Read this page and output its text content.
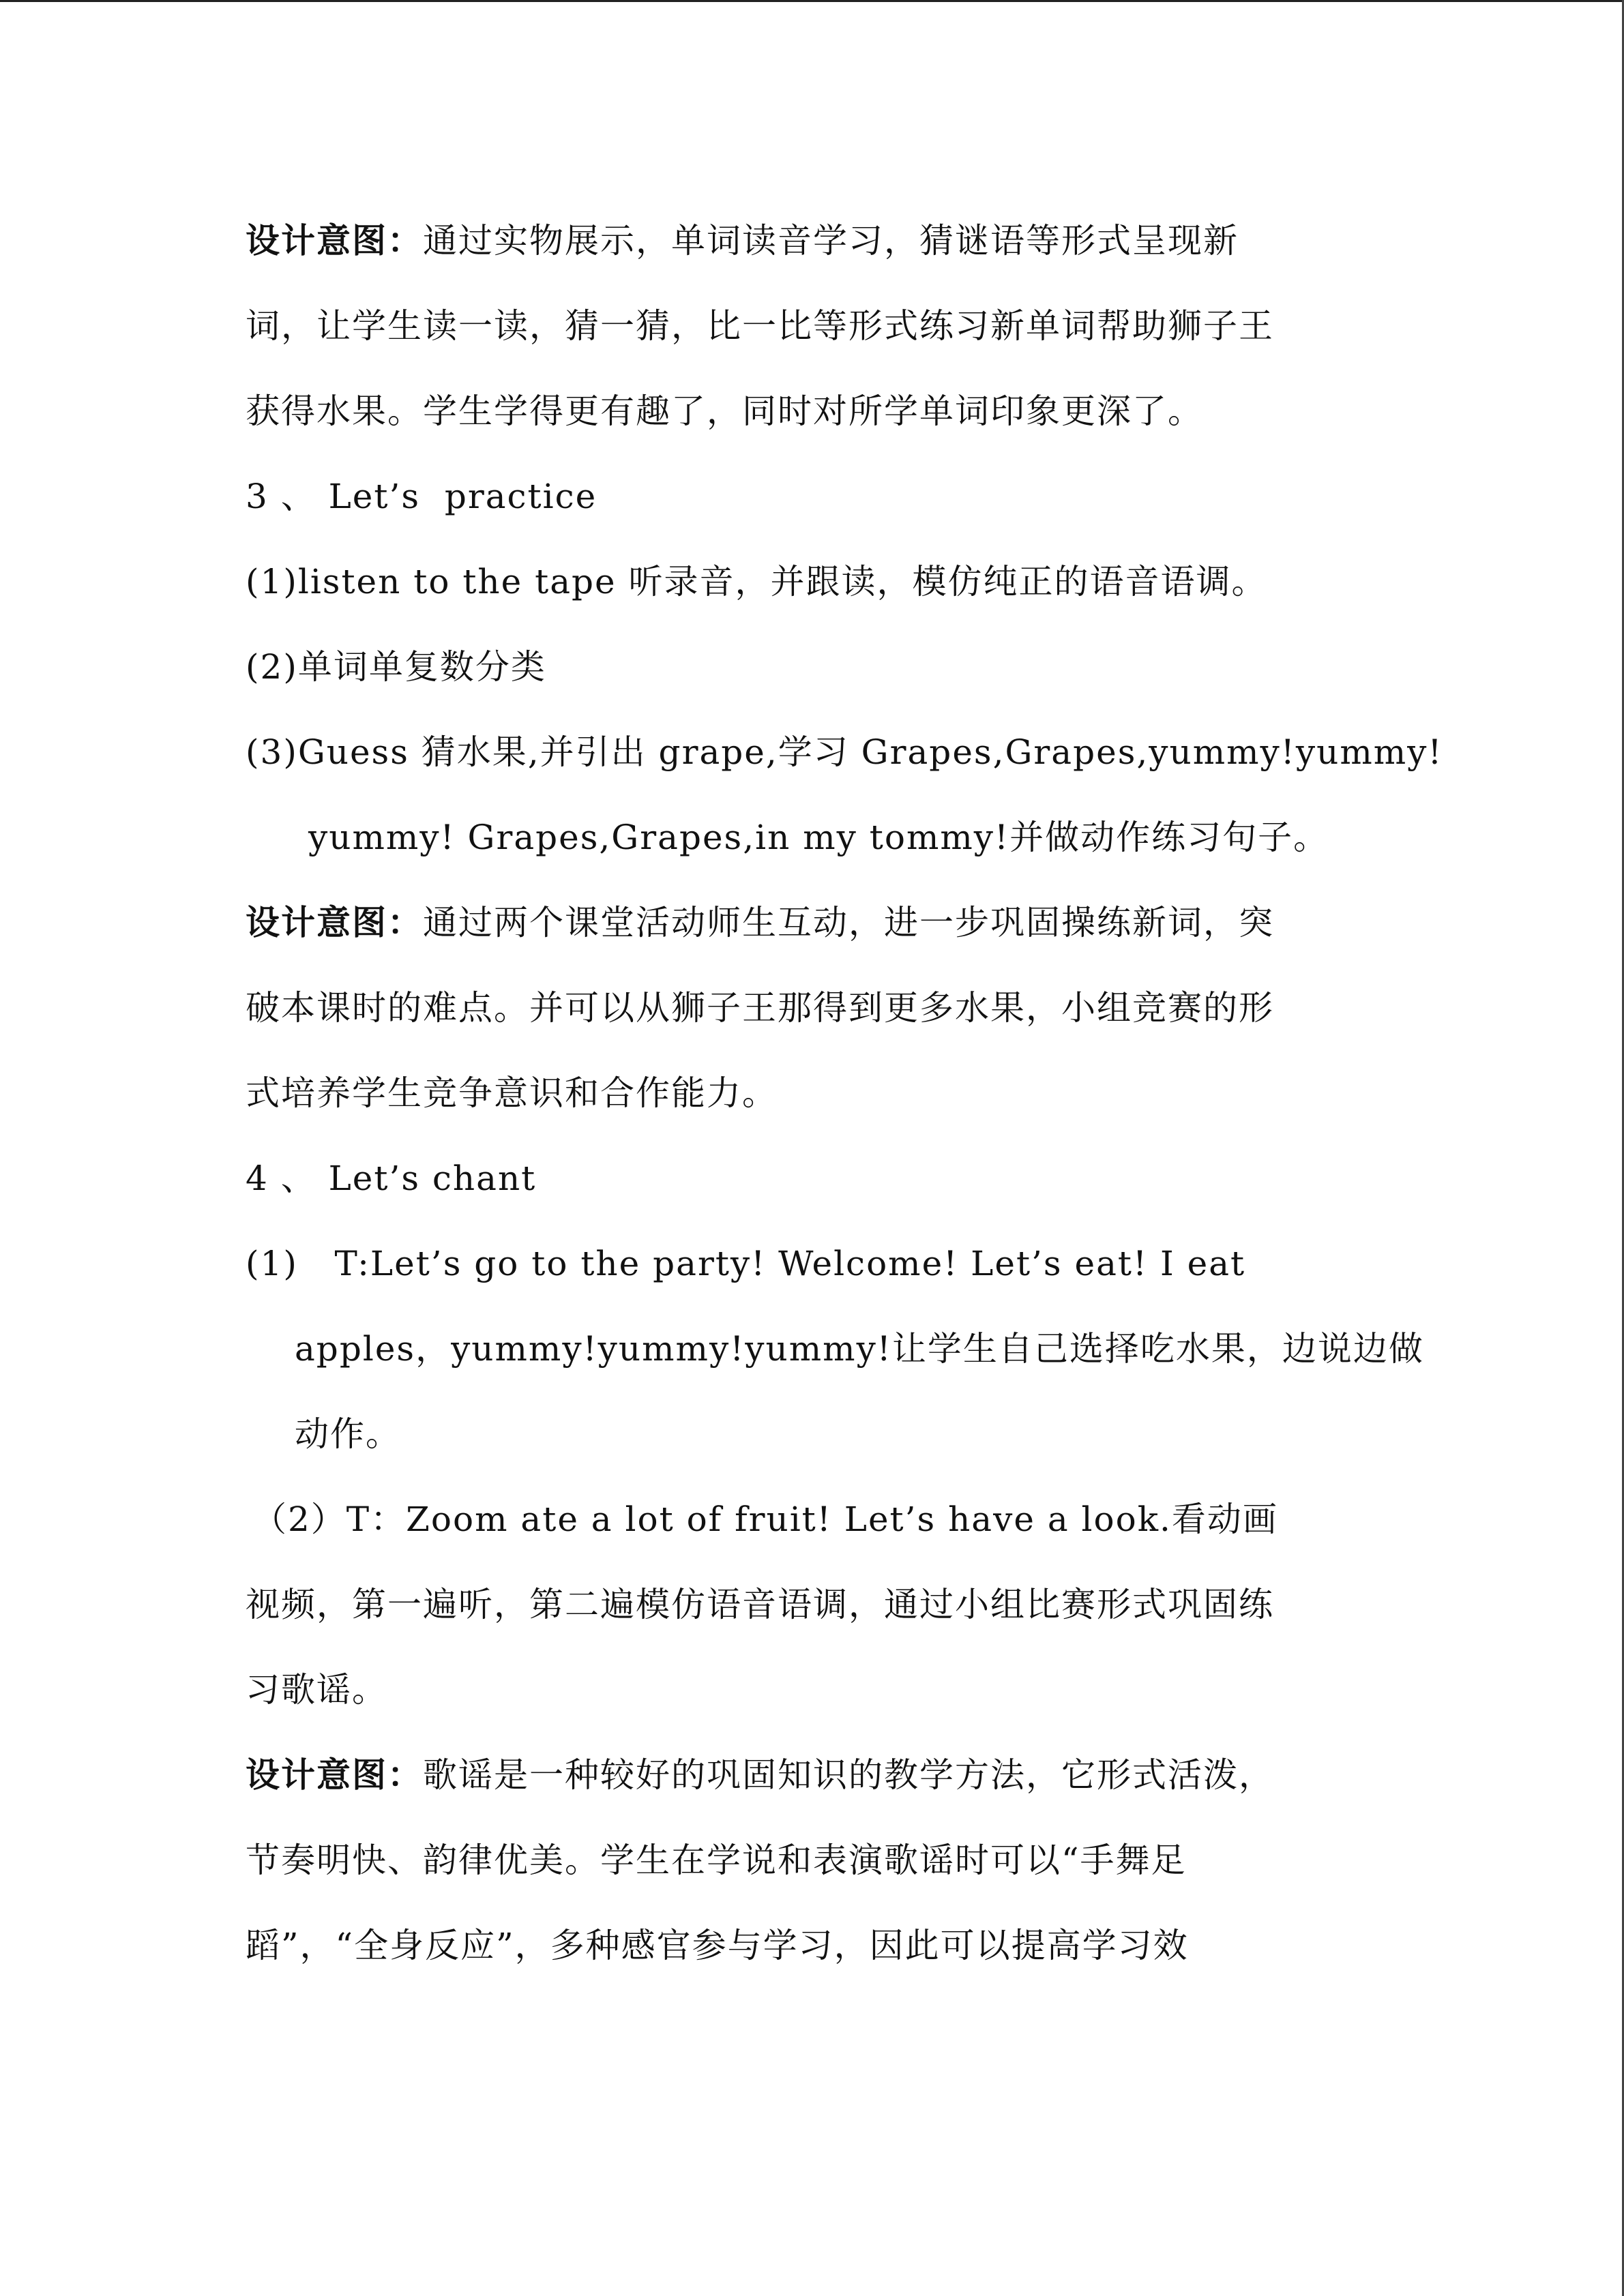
设计意图：通过实物展示，单词读音学习，猜谜语等形式呈现新
词，让学生读一读，猜一猜，比一比等形式练习新单词帮助狮子王
获得水果。学生学得更有趣了，同时对所学单词印象更深了。
3 、 Let’s  practice
(1)listen to the tape 听录音，并跟读，模仿纯正的语音语调。
(2)单词单复数分类
(3)Guess 猜水果,并引出 grape,学习 Grapes,Grapes,yummy!yummy!
yummy! Grapes,Grapes,in my tommy!并做动作练习句子。
设计意图：通过两个课堂活动师生互动，进一步巩固操练新词，突
破本课时的难点。并可以从狮子王那得到更多水果，小组竞赛的形
式培养学生竞争意识和合作能力。
4 、 Let’s chant
(1)   T:Let’s go to the party! Welcome! Let’s eat! I eat
apples，yummy!yummy!yummy!让学生自己选择吃水果，边说边做
动作。
（2）T：Zoom ate a lot of fruit! Let’s have a look.看动画
视频，第一遍听，第二遍模仿语音语调，通过小组比赛形式巩固练
习歌谣。
设计意图：歌谣是一种较好的巩固知识的教学方法，它形式活泼，
节奏明快、韵律优美。学生在学说和表演歌谣时可以“手舞足
蹈”，“全身反应”，多种感官参与学习，因此可以提高学习效
